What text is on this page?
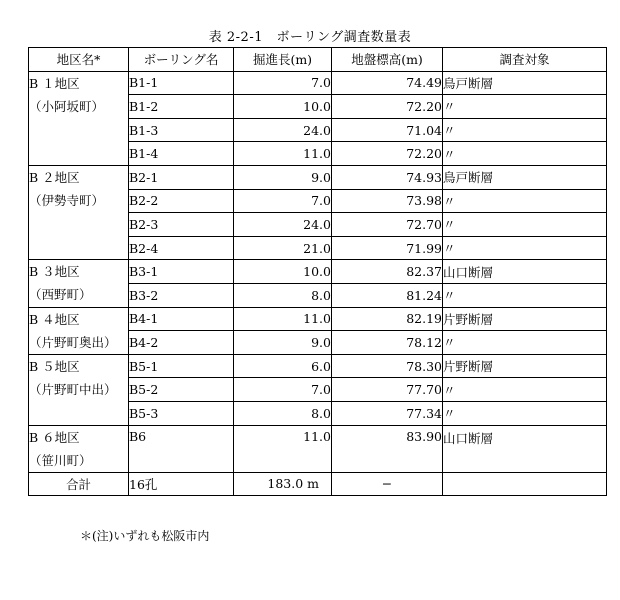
表 2-2-1　ボーリング調査数量表
地区名*	ボーリング名	掘進長(m)	地盤標高(m)	調査対象

B １地区
（小阿坂町）	B1-1	7.0	74.49	鳥戸断層
	B1-2	10.0	72.20	〃
	B1-3	24.0	71.04	〃
	B1-4	11.0	72.20	〃

B ２地区
（伊勢寺町）	B2-1	9.0	74.93	鳥戸断層
	B2-2	7.0	73.98	〃
	B2-3	24.0	72.70	〃
	B2-4	21.0	71.99	〃

B ３地区
（西野町）	B3-1	10.0	82.37	山口断層
	B3-2	8.0	81.24	〃

B ４地区
（片野町奥出）	B4-1	11.0	82.19	片野断層
	B4-2	9.0	78.12	〃

B ５地区
（片野町中出）	B5-1	6.0	78.30	片野断層
	B5-2	7.0	77.70	〃
	B5-3	8.0	77.34	〃

B ６地区
（笹川町）	B6	11.0	83.90	山口断層

合計	16孔	183.0 m	−	
＊(注)いずれも松阪市内
